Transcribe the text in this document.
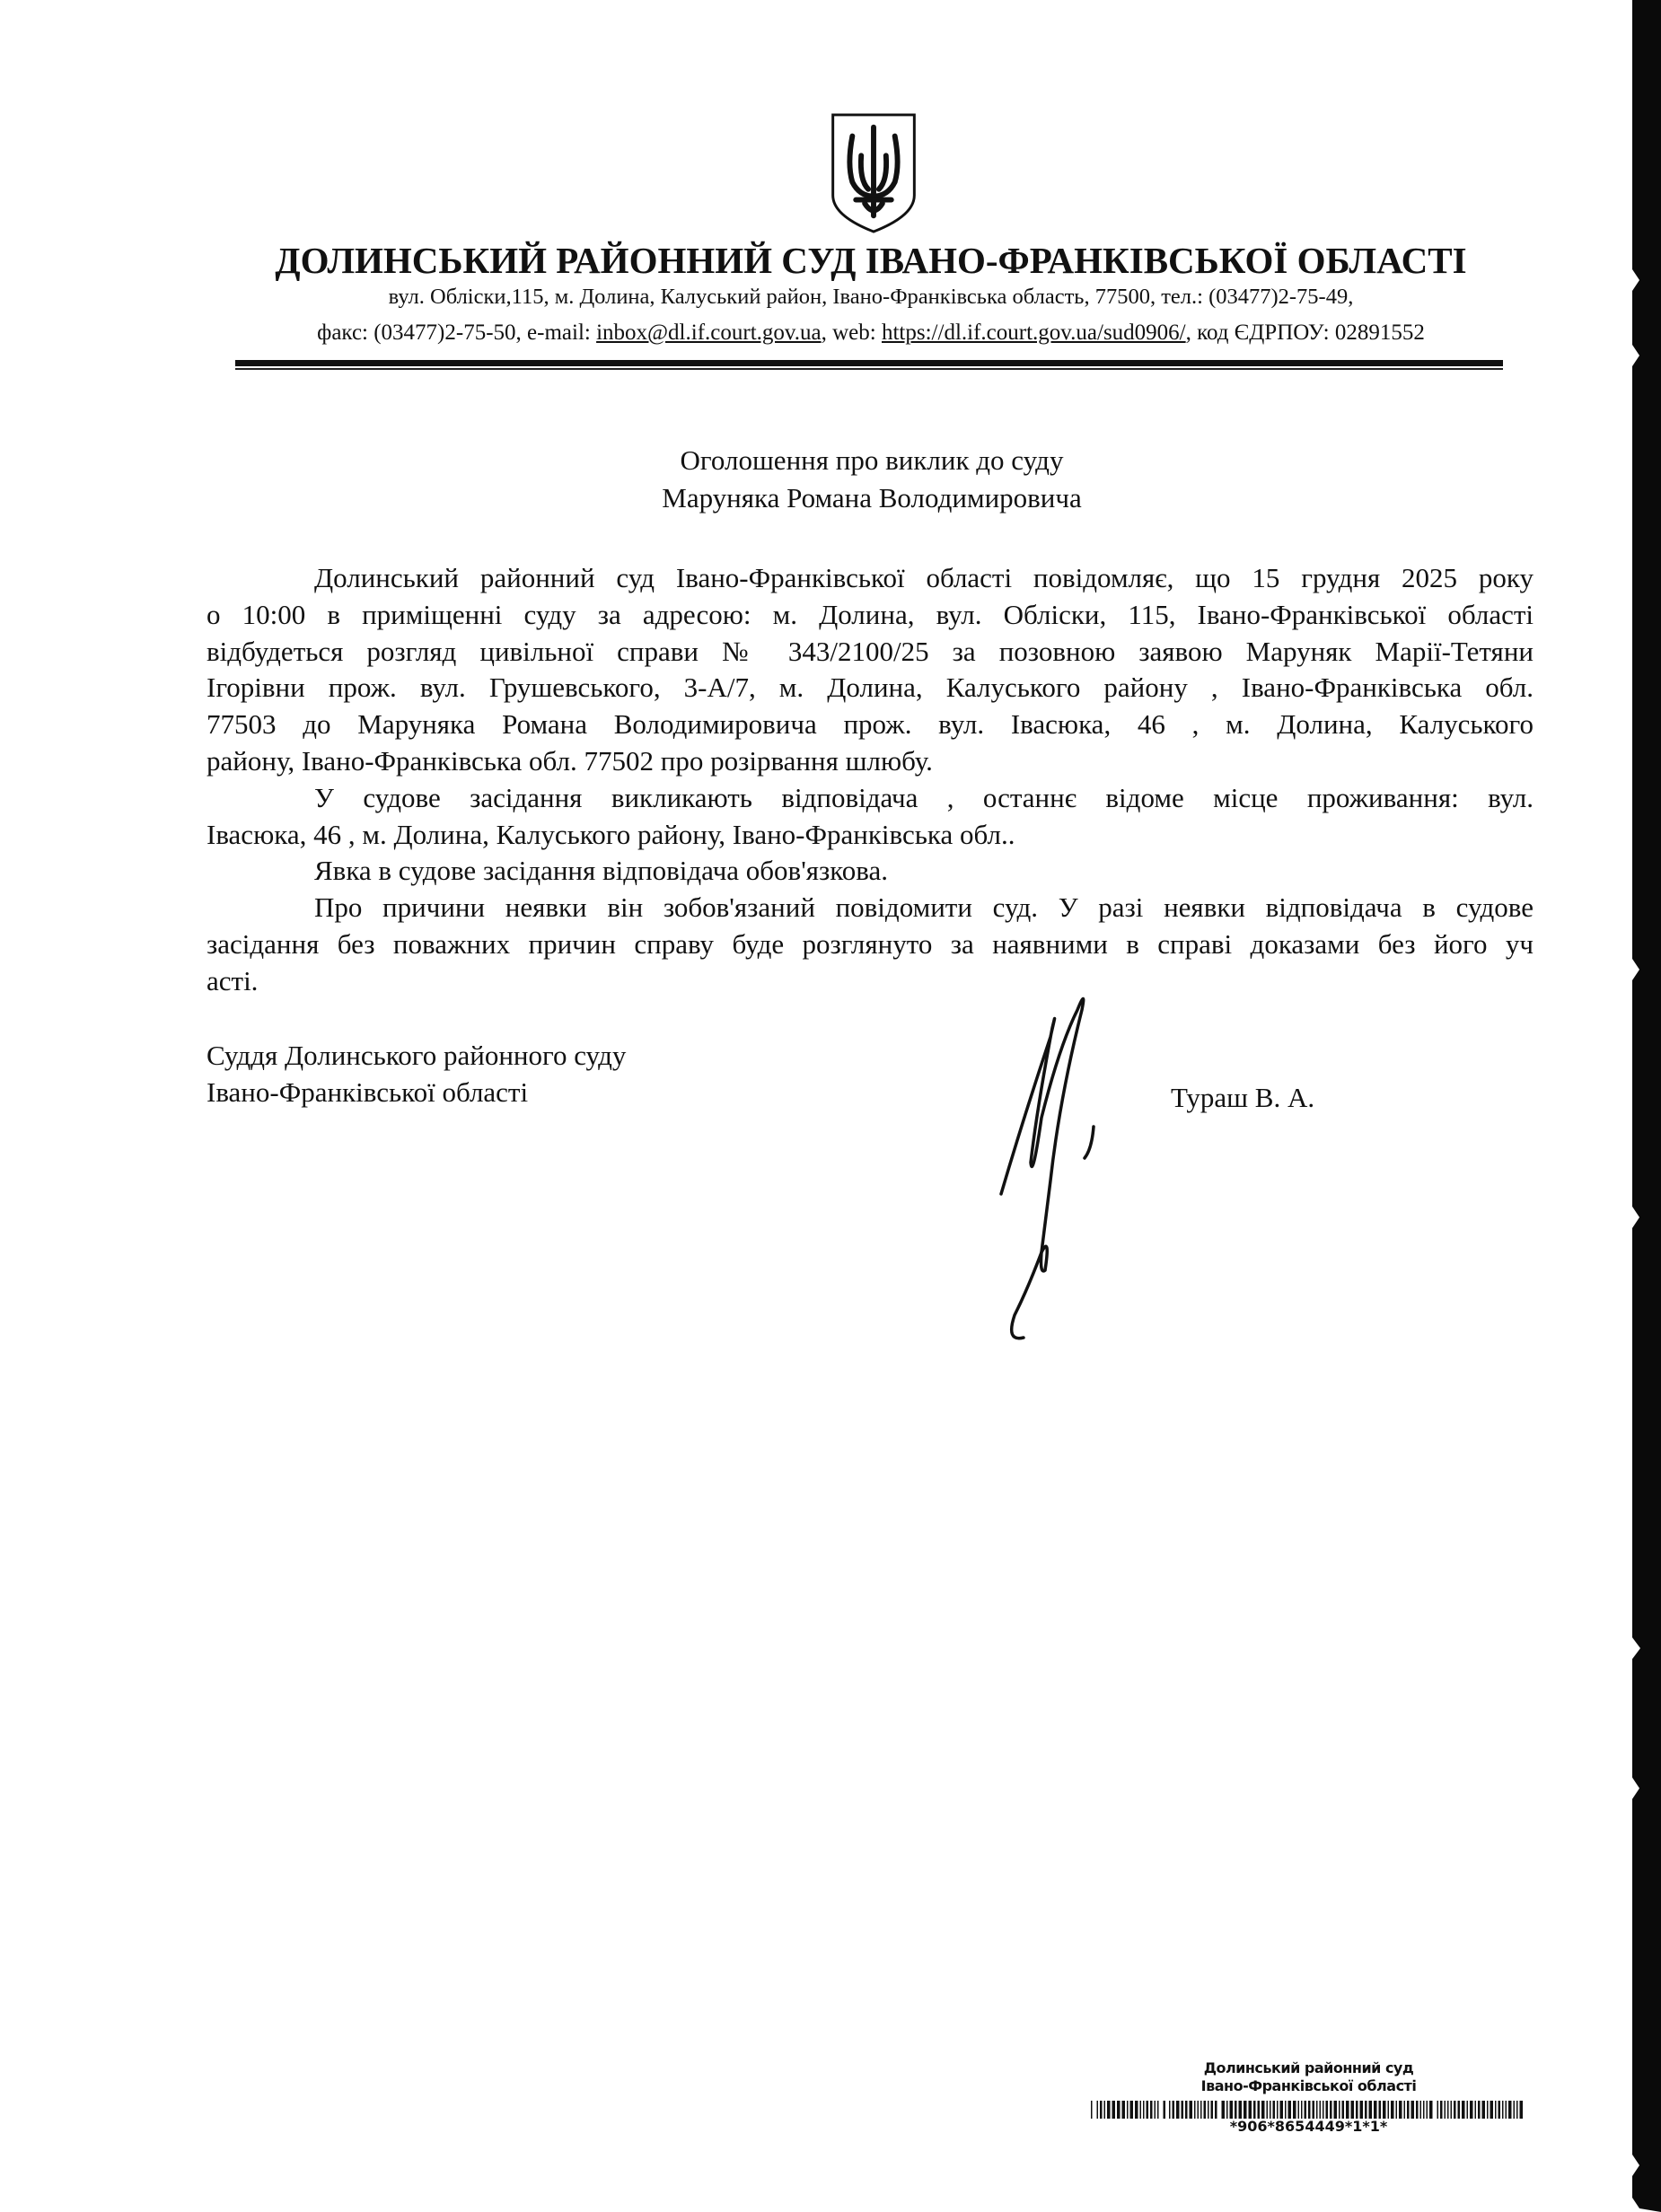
ДОЛИНСЬКИЙ РАЙОННИЙ СУД ІВАНО-ФРАНКІВСЬКОЇ ОБЛАСТІ
вул. Обліски,115, м. Долина, Калуський район, Івано-Франківська область, 77500, тел.: (03477)2-75-49,
факс: (03477)2-75-50, e-mail: inbox@dl.if.court.gov.ua, web: https://dl.if.court.gov.ua/sud0906/, код ЄДРПОУ: 02891552
Оголошення про виклик до суду
Маруняка Романа Володимировича
Долинський районний суд Івано-Франківської області повідомляє, що 15 грудня 2025 року
о 10:00 в приміщенні суду за адресою: м. Долина, вул. Обліски, 115, Івано-Франківської області
відбудеться розгляд цивільної справи № 343/2100/25 за позовною заявою Маруняк Марії-Тетяни
Ігорівни прож. вул. Грушевського, 3-А/7, м. Долина, Калуського району , Івано-Франківська обл.
77503 до Маруняка Романа Володимировича прож. вул. Івасюка, 46 , м. Долина, Калуського
району, Івано-Франківська обл. 77502 про розірвання шлюбу.
У судове засідання викликають відповідача , останнє відоме місце проживання: вул.
Івасюка, 46 , м. Долина, Калуського району, Івано-Франківська обл..
Явка в судове засідання відповідача обов'язкова.
Про причини неявки він зобов'язаний повідомити суд. У разі неявки відповідача в судове
засідання без поважних причин справу буде розглянуто за наявними в справі доказами без його уч
асті.
Суддя Долинського районного суду
Івано-Франківської області	Тураш В. А.
Долинський районний суд
Івано-Франківської області
*906*8654449*1*1*
